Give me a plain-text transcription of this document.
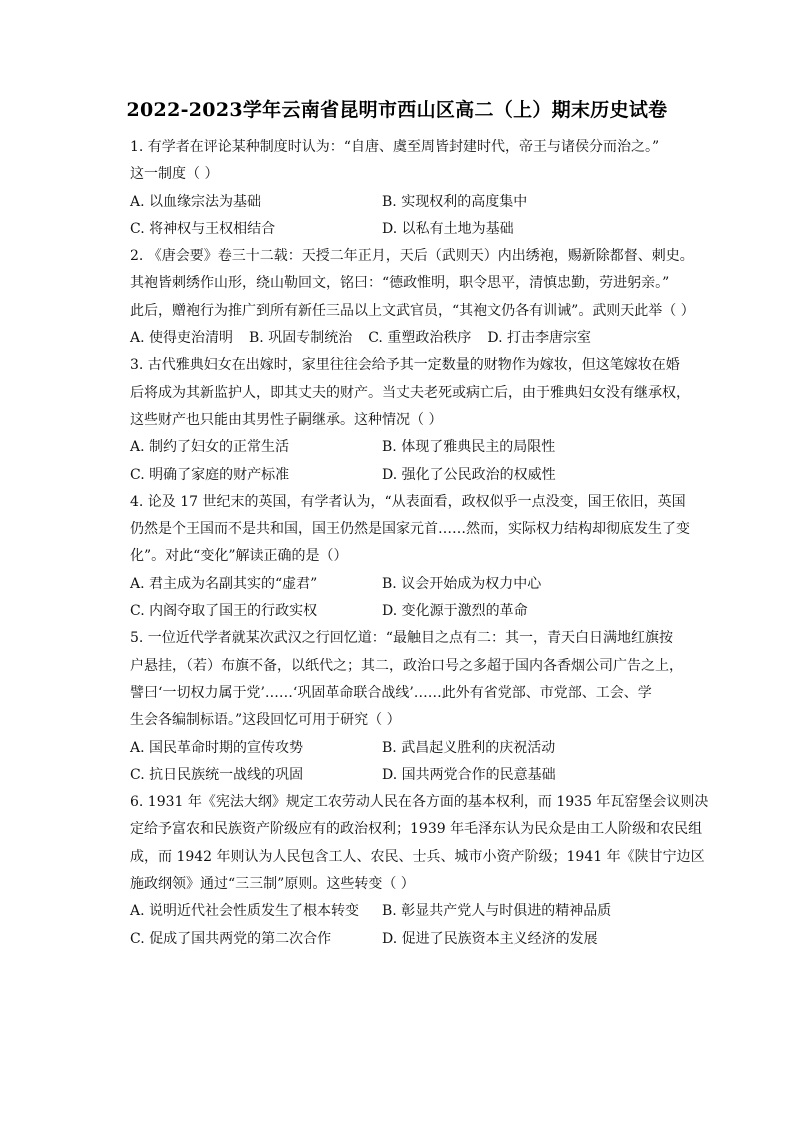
2022-2023学年云南省昆明市西山区高二（上）期末历史试卷
1. 有学者在评论某种制度时认为：“自唐、虞至周皆封建时代，帝王与诸侯分而治之。”
这一制度（ ）
A. 以血缘宗法为基础	B. 实现权利的高度集中
C. 将神权与王权相结合	D. 以私有土地为基础
2. 《唐会要》卷三十二载：天授二年正月，天后（武则天）内出绣袍，赐新除都督、刺史。
其袍皆刺绣作山形，绕山勒回文，铭曰：“德政惟明，职令思平，清慎忠勤，劳进躬亲。”
此后，赠袍行为推广到所有新任三品以上文武官员，“其袍文仍各有训诫”。武则天此举（ ）
A. 使得吏治清明 B. 巩固专制统治 C. 重塑政治秩序 D. 打击李唐宗室
3. 古代雅典妇女在出嫁时，家里往往会给予其一定数量的财物作为嫁妆，但这笔嫁妆在婚
后将成为其新监护人，即其丈夫的财产。当丈夫老死或病亡后，由于雅典妇女没有继承权，
这些财产也只能由其男性子嗣继承。这种情况（ ）
A. 制约了妇女的正常生活	B. 体现了雅典民主的局限性
C. 明确了家庭的财产标准	D. 强化了公民政治的权威性
4. 论及 17 世纪末的英国，有学者认为，“从表面看，政权似乎一点没变，国王依旧，英国
仍然是个王国而不是共和国，国王仍然是国家元首……然而，实际权力结构却彻底发生了变
化”。对此“变化”解读正确的是（）
A. 君主成为名副其实的“虚君”	B. 议会开始成为权力中心
C. 内阁夺取了国王的行政实权	D. 变化源于激烈的革命
5. 一位近代学者就某次武汉之行回忆道：“最触目之点有二：其一，青天白日满地红旗按
户悬挂，（若）布旗不备，以纸代之；其二，政治口号之多超于国内各香烟公司广告之上，
譬曰‘一切权力属于党’……‘巩固革命联合战线’……此外有省党部、市党部、工会、学
生会各编制标语。”这段回忆可用于研究（ ）
A. 国民革命时期的宣传攻势	B. 武昌起义胜利的庆祝活动
C. 抗日民族统一战线的巩固	D. 国共两党合作的民意基础
6. 1931 年《宪法大纲》规定工农劳动人民在各方面的基本权利，而 1935 年瓦窑堡会议则决
定给予富农和民族资产阶级应有的政治权利；1939 年毛泽东认为民众是由工人阶级和农民组
成，而 1942 年则认为人民包含工人、农民、士兵、城市小资产阶级；1941 年《陕甘宁边区
施政纲领》通过“三三制”原则。这些转变（ ）
A. 说明近代社会性质发生了根本转变	B. 彰显共产党人与时俱进的精神品质
C. 促成了国共两党的第二次合作	D. 促进了民族资本主义经济的发展
